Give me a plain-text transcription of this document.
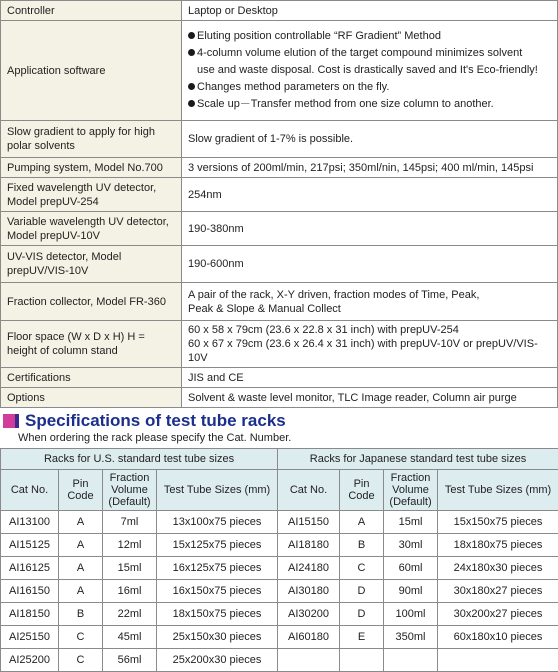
Controller	Laptop or Desktop

Application software	Eluting position controllable “RF Gradient” Method
4-column volume elution of the target compound minimizes solvent
use and waste disposal. Cost is drastically saved and It's Eco-friendly!
Changes method parameters on the fly.
Scale up－Transfer method from one size column to another.

Slow gradient to apply for high polar solvents	Slow gradient of 1-7% is possible.

Pumping system, Model No.700	3 versions of 200ml/min, 217psi; 350ml/nin, 145psi; 400 ml/min, 145psi

Fixed wavelength UV detector, Model prepUV-254	254nm

Variable wavelength UV detector, Model prepUV-10V	190-380nm

UV-VIS detector, Model prepUV/VIS-10V	190-600nm

Fraction collector, Model FR-360	A pair of the rack, X-Y driven, fraction modes of Time, Peak,
Peak & Slope & Manual Collect

Floor space (W x D x H) H = height of column stand	60 x 58 x 79cm (23.6 x 22.8 x 31 inch) with prepUV-254
60 x 67 x 79cm (23.6 x 26.4 x 31 inch) with prepUV-10V or prepUV/VIS-10V

Certifications	JIS and CE

Options	Solvent & waste level monitor, TLC Image reader, Column air purge
Specifications of test tube racks
When ordering the rack please specify the Cat. Number.
Racks for U.S. standard test tube sizes				Racks for Japanese standard test tube sizes			
Cat No.	Pin Code	Fraction Volume (Default)	Test Tube Sizes (mm)	Cat No.	Pin Code	Fraction Volume (Default)	Test Tube Sizes (mm)
AI13100	A	7ml	13x100x75 pieces	AI15150	A	15ml	15x150x75 pieces
AI15125	A	12ml	15x125x75 pieces	AI18180	B	30ml	18x180x75 pieces
AI16125	A	15ml	16x125x75 pieces	AI24180	C	60ml	24x180x30 pieces
AI16150	A	16ml	16x150x75 pieces	AI30180	D	90ml	30x180x27 pieces
AI18150	B	22ml	18x150x75 pieces	AI30200	D	100ml	30x200x27 pieces
AI25150	C	45ml	25x150x30 pieces	AI60180	E	350ml	60x180x10 pieces
AI25200	C	56ml	25x200x30 pieces				
